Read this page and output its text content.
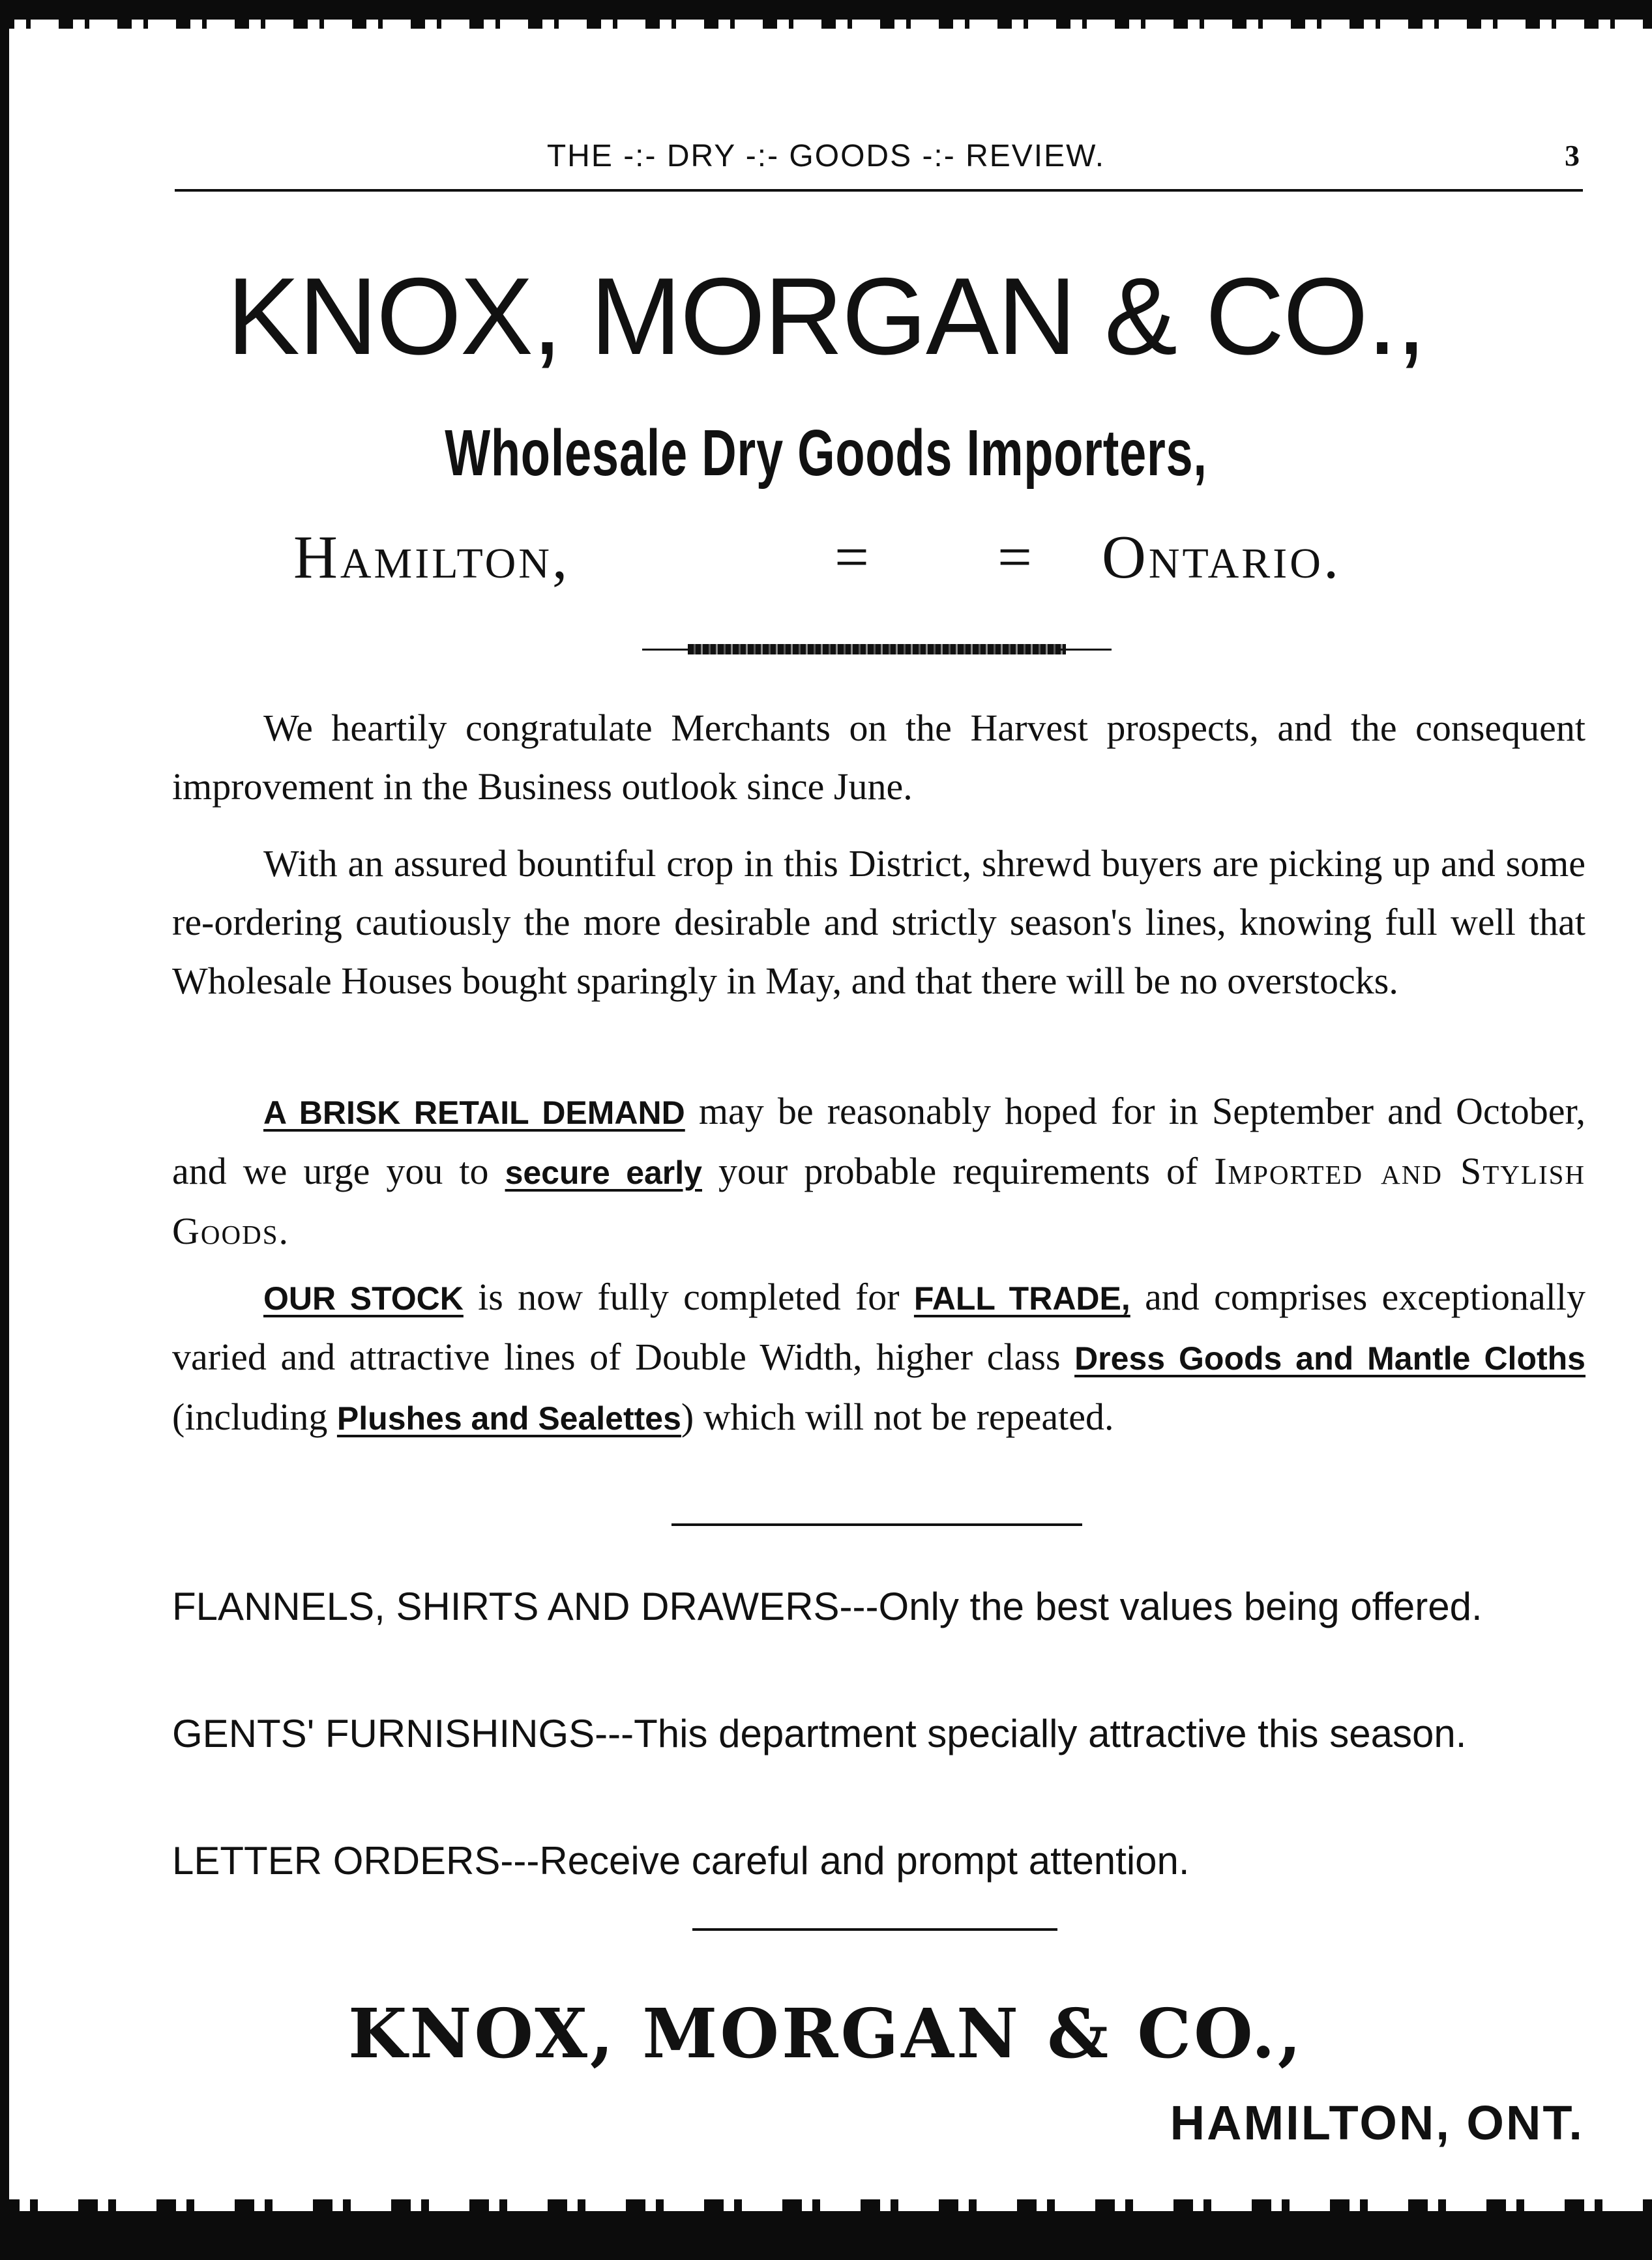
THE -:- DRY -:- GOODS -:- REVIEW.	3
KNOX, MORGAN & CO.,
Wholesale Dry Goods Importers,
Hamilton,	= = Ontario.

We heartily congratulate Merchants on the Harvest prospects, and the consequent improvement in the Business outlook since June.

With an assured bountiful crop in this District, shrewd buyers are picking up and some re-ordering cautiously the more desirable and strictly season's lines, knowing full well that Wholesale Houses bought sparingly in May, and that there will be no overstocks.

A BRISK RETAIL DEMAND may be reasonably hoped for in September and October, and we urge you to secure early your probable requirements of Imported and Stylish Goods.

OUR STOCK is now fully completed for FALL TRADE, and comprises exceptionally varied and attractive lines of Double Width, higher class Dress Goods and Mantle Cloths (including Plushes and Sealettes) which will not be repeated.

FLANNELS, SHIRTS AND DRAWERS---Only the best values being offered.

GENTS' FURNISHINGS---This department specially attractive this season.

LETTER ORDERS---Receive careful and prompt attention.

KNOX, MORGAN & CO.,
HAMILTON, ONT.
